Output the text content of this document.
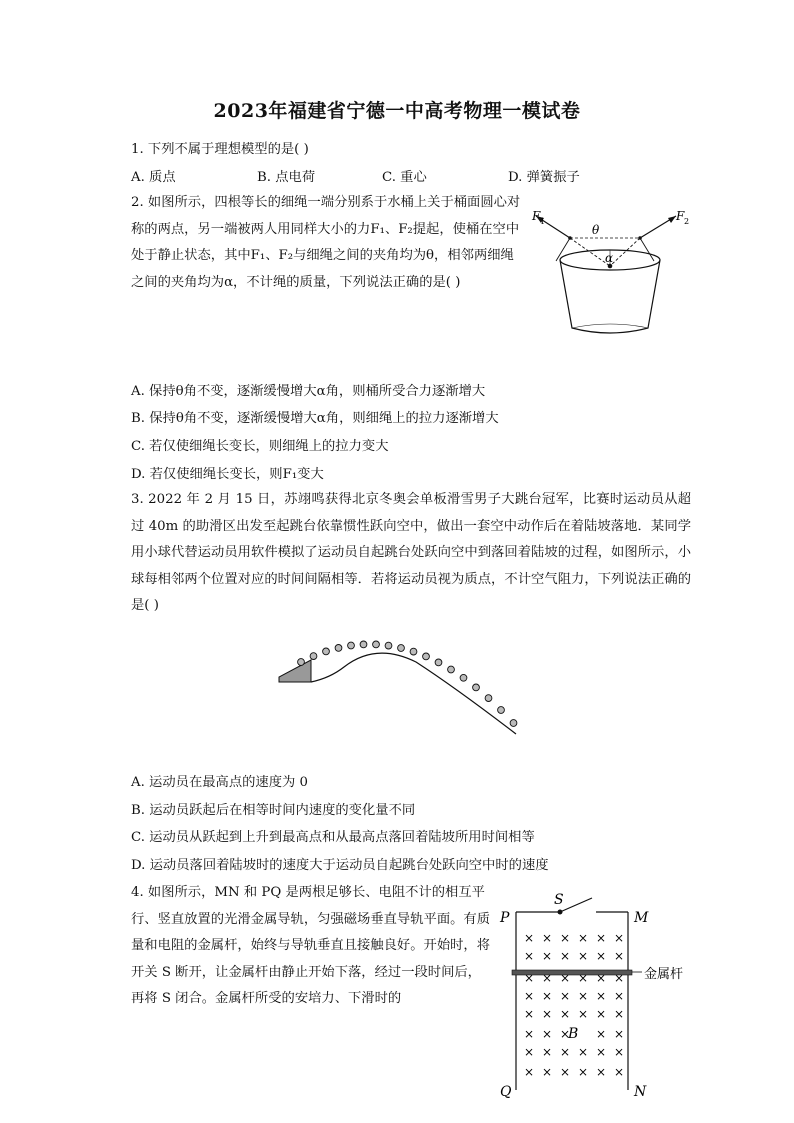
2023年福建省宁德一中高考物理一模试卷
1. 下列不属于理想模型的是( )
A. 质点	B. 点电荷	C. 重心	D. 弹簧振子
2. 如图所示，四根等长的细绳一端分别系于水桶上关于桶面圆心对称的两点，另一端被两人用同样大小的力F₁、F₂提起，使桶在空中处于静止状态，其中F₁、F₂与细绳之间的夹角均为θ，相邻两细绳之间的夹角均为α，不计绳的质量，下列说法正确的是( )
F 1	F 2
θ
α
A. 保持θ角不变，逐渐缓慢增大α角，则桶所受合力逐渐增大
B. 保持θ角不变，逐渐缓慢增大α角，则细绳上的拉力逐渐增大
C. 若仅使细绳长变长，则细绳上的拉力变大
D. 若仅使细绳长变长，则F₁变大
3. 2022 年 2 月 15 日，苏翊鸣获得北京冬奥会单板滑雪男子大跳台冠军，比赛时运动员从超过 40m 的助滑区出发至起跳台依靠惯性跃向空中，做出一套空中动作后在着陆坡落地．某同学用小球代替运动员用软件模拟了运动员自起跳台处跃向空中到落回着陆坡的过程，如图所示，小球每相邻两个位置对应的时间间隔相等．若将运动员视为质点，不计空气阻力，下列说法正确的是( )
A. 运动员在最高点的速度为 0
B. 运动员跃起后在相等时间内速度的变化量不同
C. 运动员从跃起到上升到最高点和从最高点落回着陆坡所用时间相等
D. 运动员落回着陆坡时的速度大于运动员自起跳台处跃向空中时的速度
4. 如图所示，MN 和 PQ 是两根足够长、电阻不计的相互平行、竖直放置的光滑金属导轨，匀强磁场垂直导轨平面。有质量和电阻的金属杆，始终与导轨垂直且接触良好。开始时，将开关 S 断开，让金属杆由静止开始下落，经过一段时间后，再将 S 闭合。金属杆所受的安培力、下滑时的
× × × × × ×
× × × × × ×
× × × × × ×
× × × × × ×
× × × × × ×
× × × × ×
× × × × × ×
× × × × × ×
S
P	M
Q	N
B
金属杆
